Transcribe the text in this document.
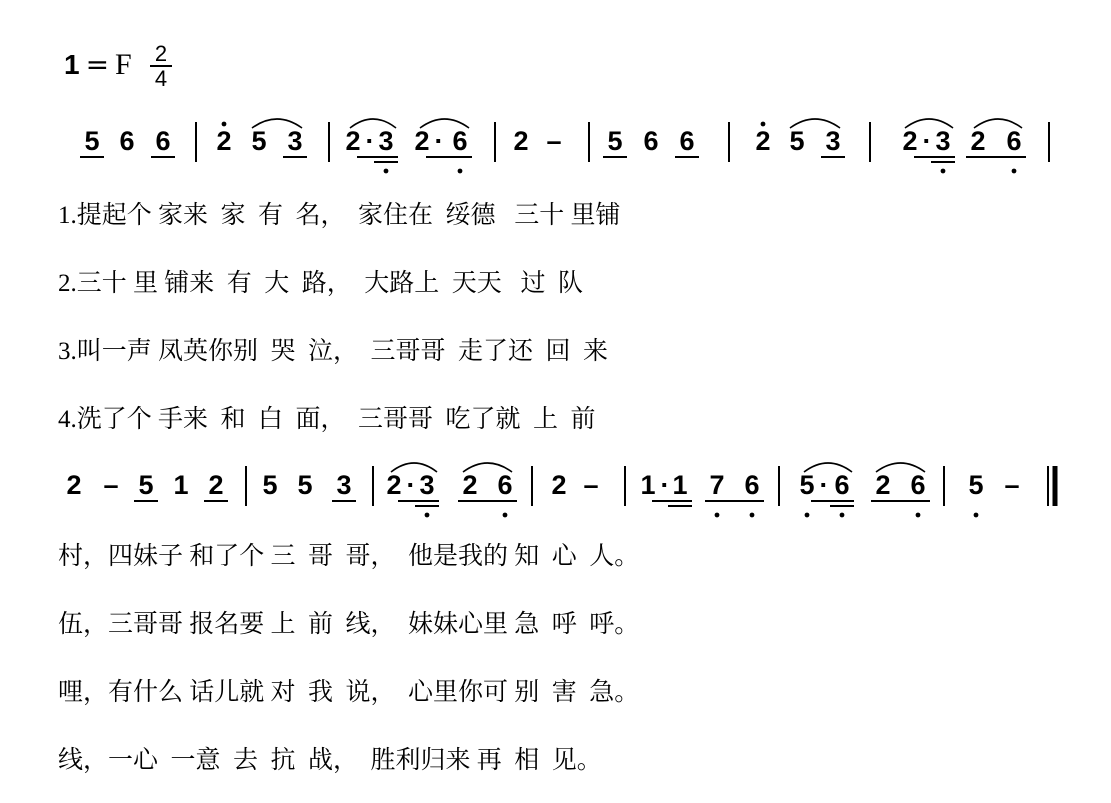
1 = F 2
4
5 6 6 2 5 3 2 · 3 2 · 6 2 – 5 6 6 2 5 3 2 · 3 2 6
2 – 5 1 2 5 5 3 2 · 3 2 6 2 – 1 · 1 7 6 5 · 6 2 6 5 –
1.提起个 家来  家  有  名，  家住在  绥德   三十 里铺
2.三十 里 铺来  有  大  路，  大路上  天天   过  队
3.叫一声 凤英你别  哭  泣，  三哥哥  走了还  回  来
4.洗了个 手来  和  白  面，  三哥哥  吃了就  上  前
村，四妹子 和了个 三  哥  哥，  他是我的 知  心  人。
伍，三哥哥 报名要 上  前  线，  妹妹心里 急  呼  呼。
哩，有什么 话儿就 对  我  说，  心里你可 别  害  急。
线，一心  一意  去  抗  战，  胜利归来 再  相  见。
